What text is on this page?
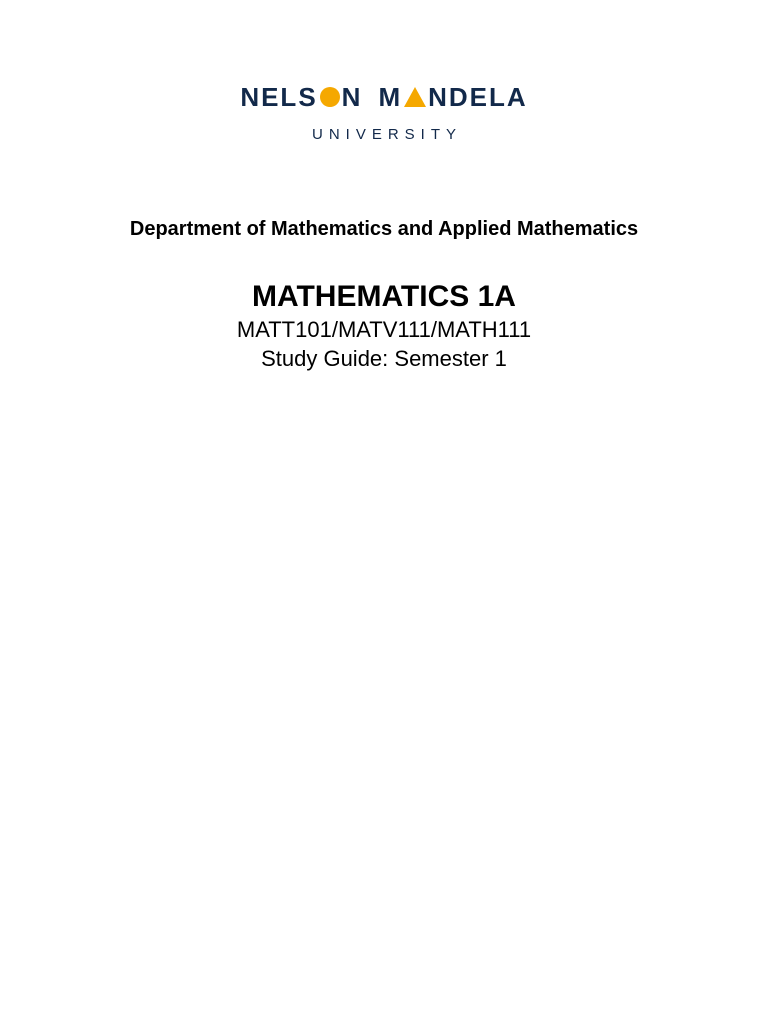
NELS N M NDELA
UNIVERSITY
Department of Mathematics and Applied Mathematics
MATHEMATICS 1A
MATT101/MATV111/MATH111
Study Guide: Semester 1
